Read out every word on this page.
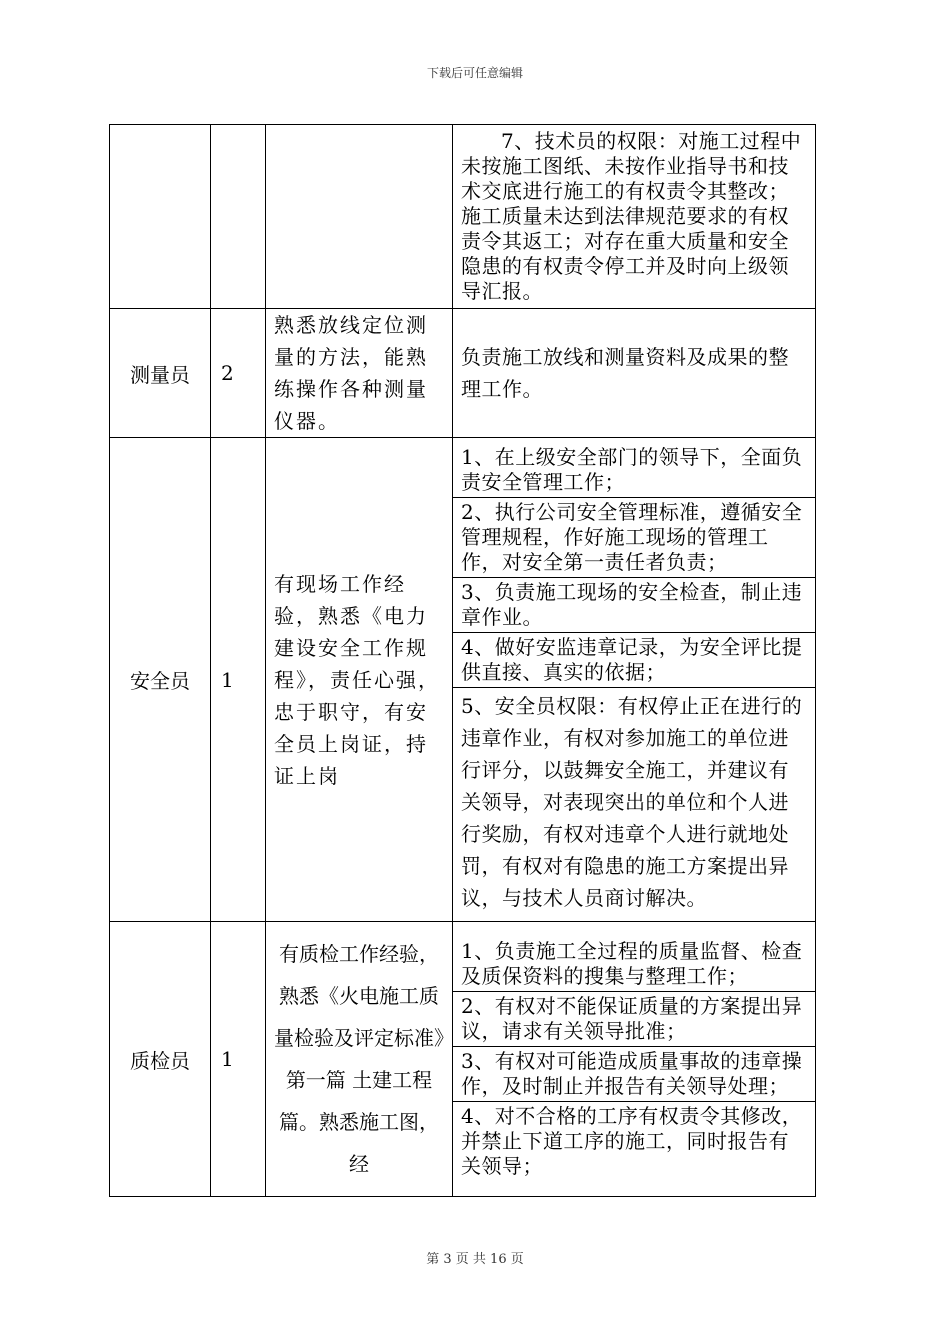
下载后可任意编辑

			7、技术员的权限：对施工过程中未按施工图纸、未按作业指导书和技术交底进行施工的有权责令其整改；施工质量未达到法律规范要求的有权责令其返工；对存在重大质量和安全隐患的有权责令停工并及时向上级领导汇报。

测量员	2	熟悉放线定位测量的方法，能熟练操作各种测量仪器。	负责施工放线和测量资料及成果的整理工作。

安全员	1	有现场工作经验，熟悉《电力建设安全工作规程》，责任心强，忠于职守，有安全员上岗证，持证上岗	1、在上级安全部门的领导下，全面负责安全管理工作；
2、执行公司安全管理标准，遵循安全管理规程，作好施工现场的管理工作，对安全第一责任者负责；
3、负责施工现场的安全检查，制止违章作业。
4、做好安监违章记录，为安全评比提供直接、真实的依据；
5、安全员权限：有权停止正在进行的违章作业，有权对参加施工的单位进行评分，以鼓舞安全施工，并建议有关领导，对表现突出的单位和个人进行奖励，有权对违章个人进行就地处罚，有权对有隐患的施工方案提出异议，与技术人员商讨解决。

质检员	1	有质检工作经验，熟悉《火电施工质量检验及评定标准》第一篇 土建工程篇。熟悉施工图，经	1、负责施工全过程的质量监督、检查及质保资料的搜集与整理工作；
2、有权对不能保证质量的方案提出异议，请求有关领导批准；
3、有权对可能造成质量事故的违章操作，及时制止并报告有关领导处理；
4、对不合格的工序有权责令其修改，并禁止下道工序的施工，同时报告有关领导；
第 3 页 共 16 页
